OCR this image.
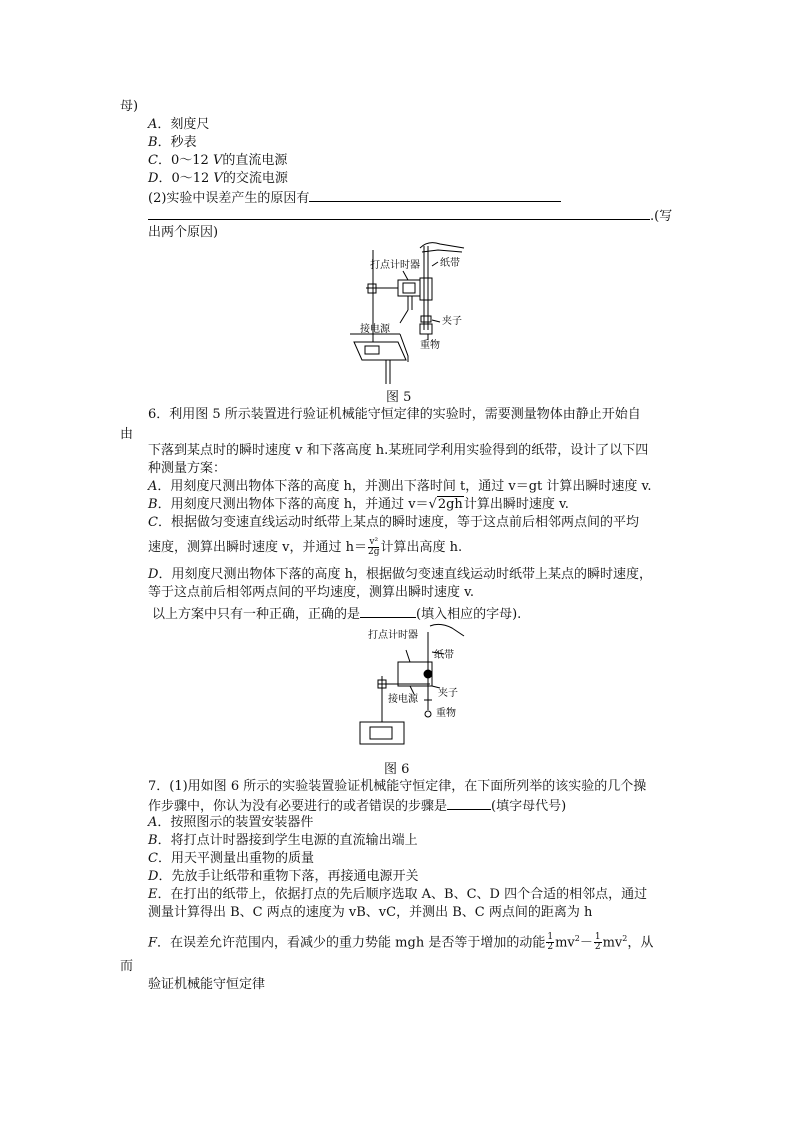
母)
A．刻度尺
B．秒表
C．0～12 V的直流电源
D．0～12 V的交流电源
(2)实验中误差产生的原因有
.(写
出两个原因)
打点计时器 纸带
夹子
接电源
重物
图 5
6．利用图 5 所示装置进行验证机械能守恒定律的实验时，需要测量物体由静止开始自
由
下落到某点时的瞬时速度 v 和下落高度 h.某班同学利用实验得到的纸带，设计了以下四
种测量方案：
A．用刻度尺测出物体下落的高度 h，并测出下落时间 t，通过 v＝gt 计算出瞬时速度 v.
B．用刻度尺测出物体下落的高度 h，并通过 v＝√2gh计算出瞬时速度 v.
C．根据做匀变速直线运动时纸带上某点的瞬时速度，等于这点前后相邻两点间的平均
速度，测算出瞬时速度 v，并通过 $h= \frac{\text{v²}}{2g}$ 计算出高度 h.
D．用刻度尺测出物体下落的高度 h，根据做匀变速直线运动时纸带上某点的瞬时速度，
等于这点前后相邻两点间的平均速度，测算出瞬时速度 v.
以上方案中只有一种正确，正确的是	(填入相应的字母).
打点计时器
纸带
夹子
接电源
重物
图 6
7．(1)用如图 6 所示的实验装置验证机械能守恒定律，在下面所列举的该实验的几个操
作步骤中，你认为没有必要进行的或者错误的步骤是	(填字母代号)
A．按照图示的装置安装器件
B．将打点计时器接到学生电源的直流输出端上
C．用天平测量出重物的质量
D．先放手让纸带和重物下落，再接通电源开关
E．在打出的纸带上，依据打点的先后顺序选取 A、B、C、D 四个合适的相邻点，通过
测量计算得出 B、C 两点的速度为 vB、vC，并测出 B、C 两点间的距离为 h
F．在误差允许范围内，看减少的重力势能 mgh 是否等于增加的动能 $\frac{1}{2} mv^2- \frac{1}{2} mv^2$，从
而
验证机械能守恒定律
